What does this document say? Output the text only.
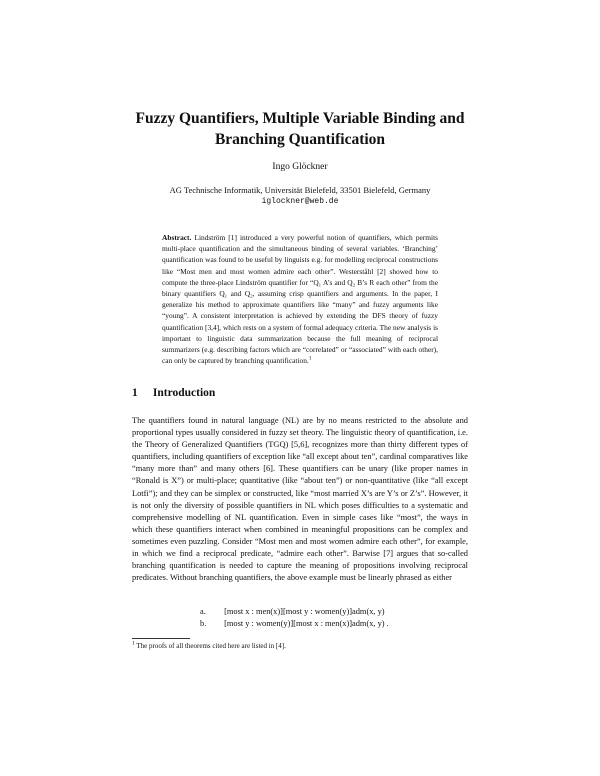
Fuzzy Quantifiers, Multiple Variable Binding and
Branching Quantification
Ingo Glöckner
AG Technische Informatik, Universität Bielefeld, 33501 Bielefeld, Germany
iglockner@web.de
Abstract. Lindström [1] introduced a very powerful notion of quantifiers, which permits multi-place quantification and the simultaneous binding of several variables. ‘Branching’ quantification was found to be useful by linguists e.g. for modelling reciprocal constructions like “Most men and most women admire each other”. Westerståhl [2] showed how to compute the three-place Lindström quantifier for “Q₁ A’s and Q₂ B’s R each other” from the binary quantifiers Q₁ and Q₂, assuming crisp quantifiers and arguments. In the paper, I generalize his method to approximate quantifiers like “many” and fuzzy arguments like “young”. A consistent interpretation is achieved by extending the DFS theory of fuzzy quantification [3,4], which rests on a system of formal adequacy criteria. The new analysis is important to linguistic data summarization because the full meaning of reciprocal summarizers (e.g. describing factors which are “correlated” or “associated” with each other), can only be captured by branching quantification.$^1$
1 Introduction

The quantifiers found in natural language (NL) are by no means restricted to the absolute and proportional types usually considered in fuzzy set theory. The linguistic theory of quantification, i.e. the Theory of Generalized Quantifiers (TGQ) [5,6], recognizes more than thirty different types of quantifiers, including quantifiers of exception like “all except about ten”, cardinal comparatives like “many more than” and many others [6]. These quantifiers can be unary (like proper names in “Ronald is X”) or multi-place; quantitative (like “about ten”) or non-quantitative (like “all except Lotfi”); and they can be simplex or constructed, like “most married X’s are Y’s or Z’s”. However, it is not only the diversity of possible quantifiers in NL which poses difficulties to a systematic and comprehensive modelling of NL quantification. Even in simple cases like “most”, the ways in which these quantifiers interact when combined in meaningful propositions can be complex and sometimes even puzzling. Consider “Most men and most women admire each other”, for example, in which we find a reciprocal predicate, “admire each other”. Barwise [7] argues that so-called branching quantification is needed to capture the meaning of propositions involving reciprocal predicates. Without branching quantifiers, the above example must be linearly phrased as either

a. [most x : men(x)][most y : women(y)]adm(x, y)
b. [most y : women(y)][most x : men(x)]adm(x, y) .
$^1$ The proofs of all theorems cited here are listed in [4].
